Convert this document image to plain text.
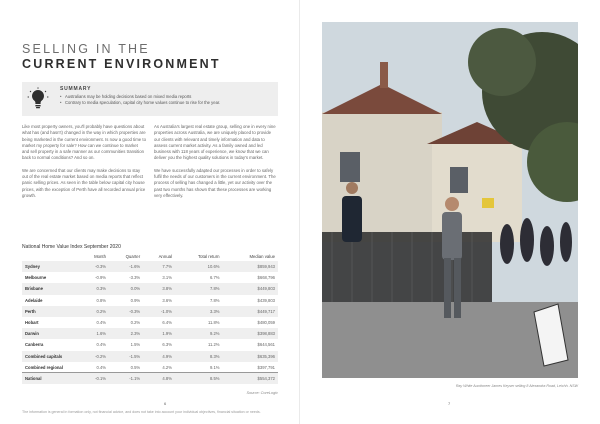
SELLING IN THE
CURRENT ENVIRONMENT
SUMMARY
• Australians may be holding decisions based on mixed media reports
• Contrary to media speculation, capital city home values continue to rise for the year.

Like most property owners, you'll probably have questions about what has (and hasn't) changed in the way in which properties are being marketed in the current environment. Is now a good time to market my property for sale? How can we continue to market and sell property in a safe manner as our communities transition back to normal conditions? And so on.

We are concerned that our clients may make decisions to stay out of the real estate market based on media reports that reflect panic selling prices. As seen in the table below capital city house prices, with the exception of Perth have all recorded annual price growth.

As Australia's largest real estate group, selling one in every nine properties across Australia, we are uniquely placed to provide our clients with relevant and timely information and data to assess current market activity. As a family owned and led business with 118 years of experience, we know that we can deliver you the highest quality solutions in today's market.

We have successfully adapted our processes in order to safely fulfil the needs of our customers in the current environment. The process of selling has changed a little, yet our activity over the past two months has shown that these processes are working very effectively.

National Home Value Index September 2020
	Month	Quarter	Annual	Total return	Median value
Sydney	-0.3%	-1.6%	7.7%	10.6%	$859,943
Melbourne	-0.9%	-3.3%	3.1%	6.7%	$668,796
Brisbane	0.3%	0.0%	3.8%	7.8%	$449,803
Adelaide	0.8%	0.9%	3.6%	7.8%	$439,803
Perth	0.2%	-0.3%	-1.0%	3.3%	$449,717
Hobart	0.4%	0.2%	6.4%	11.8%	$480,059
Darwin	1.6%	2.3%	1.9%	9.2%	$398,883
Canberra	0.4%	1.5%	6.3%	11.2%	$644,561
Combined capitals	-0.2%	-1.5%	4.9%	8.3%	$635,396
Combined regional	0.4%	0.5%	4.2%	9.1%	$397,791
National	-0.1%	-1.1%	4.8%	8.5%	$554,372
Source: CoreLogic
6
The information is general in formation only, not financial advice, and does not take into account your individual objectives, financial situation or needs.
Ray White Auctioneer James Keyser selling 8 Alexandra Road, Leichh. NSW
7
